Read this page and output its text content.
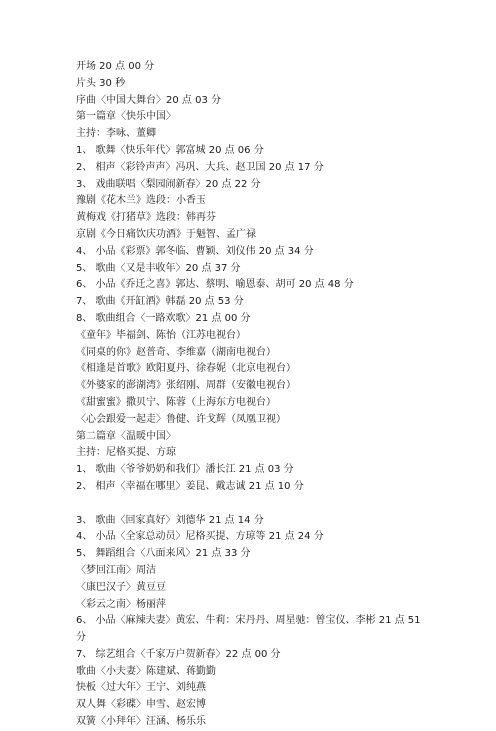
开场 20 点 00 分
片头 30 秒
序曲〈中国大舞台〉20 点 03 分
第一篇章〈快乐中国〉
主持：李咏、董卿
1、 歌舞〈快乐年代〉郭富城 20 点 06 分
2、 相声〈彩铃声声〉冯巩、大兵、赵卫国 20 点 17 分
3、 戏曲联唱〈梨园闹新春〉20 点 22 分
豫剧《花木兰》选段：小香玉
黄梅戏《打猪草》选段：韩再芬
京剧《今日痛饮庆功酒》于魁智、孟广禄
4、 小品《彩票》郭冬临、曹颖、刘仪伟 20 点 34 分
5、 歌曲〈又是丰收年〉20 点 37 分
6、 小品《乔迁之喜》郭达、蔡明、喻恩泰、胡可 20 点 48 分
7、 歌曲《开缸酒》韩磊 20 点 53 分
8、 歌曲组合〈一路欢歌〉21 点 00 分
《童年》毕福剑、陈怡（江苏电视台）
《同桌的你》赵普奇、李维嘉（湖南电视台）
《相逢是首歌》欧阳夏丹、徐春妮（北京电视台）
《外婆家的澎湖湾》张绍刚、周群（安徽电视台）
《甜蜜蜜》撒贝宁、陈蓉（上海东方电视台）
〈心会跟爱一起走〉鲁健、许戈辉（凤凰卫视）
第二篇章〈温暖中国〉
主持：尼格买提、方琼
1、 歌曲〈爷爷奶奶和我们〉潘长江 21 点 03 分
2、 相声〈幸福在哪里〉姜昆、戴志诚 21 点 10 分
3、 歌曲〈回家真好〉刘德华 21 点 14 分
4、 小品〈全家总动员〉尼格买提、方琼等 21 点 24 分
5、 舞蹈组合〈八面来风〉21 点 33 分
〈梦回江南〉周洁
〈康巴汉子〉黄豆豆
〈彩云之南〉杨丽萍
6、 小品〈麻辣夫妻〉黄宏、牛莉：宋丹丹、周星驰：曾宝仪、李彬 21 点 51
分
7、 综艺组合〈千家万户贺新春〉22 点 00 分
歌曲〈小夫妻〉陈建斌、蒋勤勤
快板〈过大年〉王宁、刘纯燕
双人舞〈彩碟〉申雪、赵宏博
双簧〈小拜年〉汪涵、杨乐乐
